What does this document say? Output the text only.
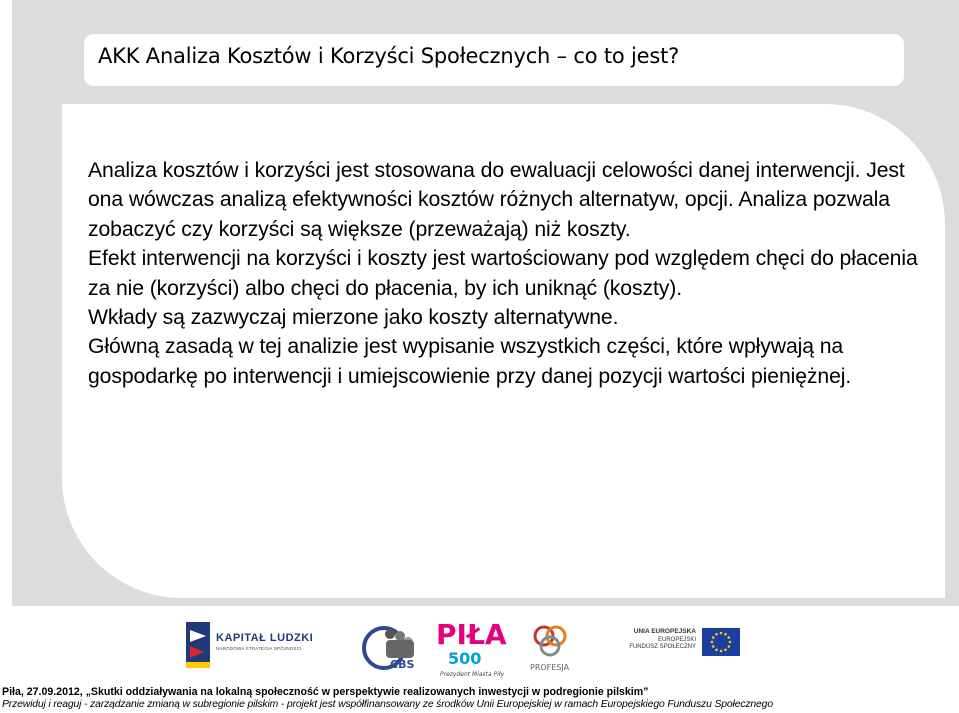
AKK Analiza Kosztów i Korzyści Społecznych – co to jest?

Analiza kosztów i korzyści jest stosowana do ewaluacji celowości danej interwencji. Jest ona wówczas analizą efektywności kosztów różnych alternatyw, opcji. Analiza pozwala zobaczyć czy korzyści są większe (przeważają) niż koszty.

Efekt interwencji na korzyści i koszty jest wartościowany pod względem chęci do płacenia za nie (korzyści) albo chęci do płacenia, by ich uniknąć (koszty).

Wkłady są zazwyczaj mierzone jako koszty alternatywne.

Główną zasadą w tej analizie jest wypisanie wszystkich części, które wpływają na gospodarkę po interwencji i umiejscowienie przy danej pozycji wartości pieniężnej.

KAPITAŁ LUDZKI
NARODOWA STRATEGIA SPÓJNOŚCI
CBS
PIŁA
500
Prezydent Miasta Piły
PROFESJA
UNIA EUROPEJSKA
EUROPEJSKI
FUNDUSZ SPOŁECZNY
Piła, 27.09.2012, „Skutki oddziaływania na lokalną społeczność w perspektywie realizowanych inwestycji w podregionie pilskim”
Przewiduj i reaguj - zarządzanie zmianą w subregionie pilskim - projekt jest współfinansowany ze środków Unii Europejskiej w ramach Europejskiego Funduszu Społecznego
